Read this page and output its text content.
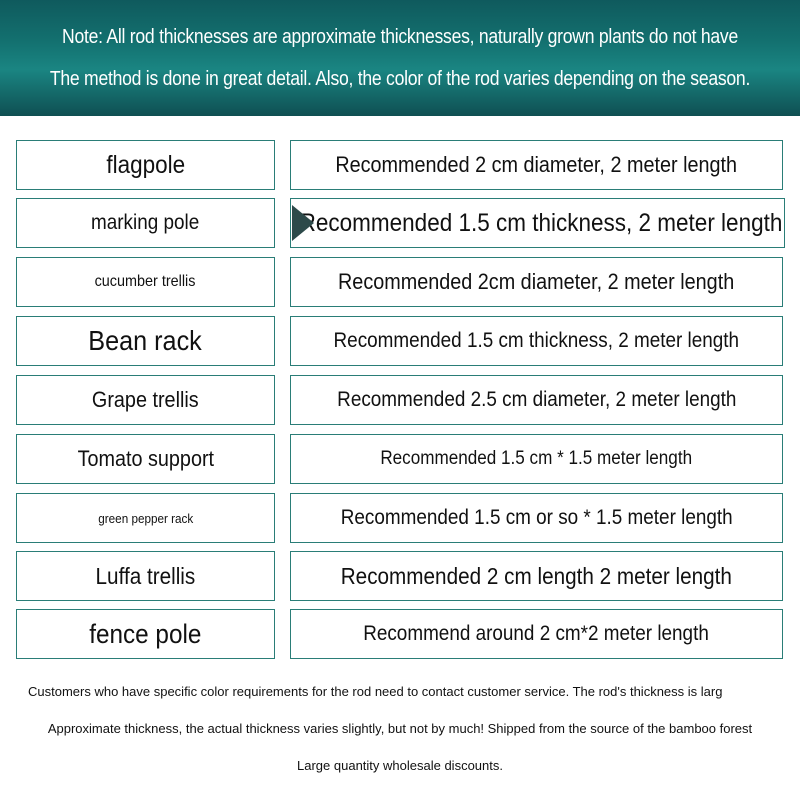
Note: All rod thicknesses are approximate thicknesses, naturally grown plants do not have
The method is done in great detail. Also, the color of the rod varies depending on the season.
flagpole	Recommended 2 cm diameter, 2 meter length
marking pole	Recommended 1.5 cm thickness, 2 meter length
cucumber trellis	Recommended 2cm diameter, 2 meter length
Bean rack	Recommended 1.5 cm thickness, 2 meter length
Grape trellis	Recommended 2.5 cm diameter, 2 meter length
Tomato support	Recommended 1.5 cm * 1.5 meter length
green pepper rack	Recommended 1.5 cm or so * 1.5 meter length
Luffa trellis	Recommended 2 cm length 2 meter length
fence pole	Recommend around 2 cm*2 meter length
Customers who have specific color requirements for the rod need to contact customer service. The rod's thickness is larg
Approximate thickness, the actual thickness varies slightly, but not by much! Shipped from the source of the bamboo forest
Large quantity wholesale discounts.
